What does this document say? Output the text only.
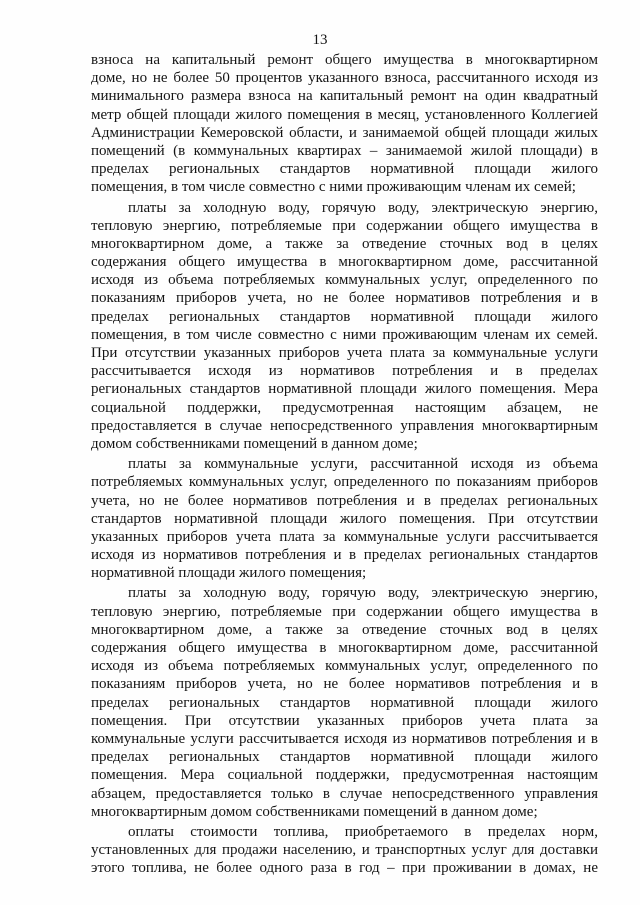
13
взноса на капитальный ремонт общего имущества в многоквартирном
доме, но не более 50 процентов указанного взноса, рассчитанного исходя из
минимального размера взноса на капитальный ремонт на один квадратный
метр общей площади жилого помещения в месяц, установленного Коллегией
Администрации Кемеровской области, и занимаемой общей площади жилых
помещений (в коммунальных квартирах – занимаемой жилой площади) в
пределах региональных стандартов нормативной площади жилого
помещения, в том числе совместно с ними проживающим членам их семей;
платы за холодную воду, горячую воду, электрическую энергию,
тепловую энергию, потребляемые при содержании общего имущества в
многоквартирном доме, а также за отведение сточных вод в целях
содержания общего имущества в многоквартирном доме, рассчитанной
исходя из объема потребляемых коммунальных услуг, определенного по
показаниям приборов учета, но не более нормативов потребления и в
пределах региональных стандартов нормативной площади жилого
помещения, в том числе совместно с ними проживающим членам их семей.
При отсутствии указанных приборов учета плата за коммунальные услуги
рассчитывается исходя из нормативов потребления и в пределах
региональных стандартов нормативной площади жилого помещения. Мера
социальной поддержки, предусмотренная настоящим абзацем, не
предоставляется в случае непосредственного управления многоквартирным
домом собственниками помещений в данном доме;
платы за коммунальные услуги, рассчитанной исходя из объема
потребляемых коммунальных услуг, определенного по показаниям приборов
учета, но не более нормативов потребления и в пределах региональных
стандартов нормативной площади жилого помещения. При отсутствии
указанных приборов учета плата за коммунальные услуги рассчитывается
исходя из нормативов потребления и в пределах региональных стандартов
нормативной площади жилого помещения;
платы за холодную воду, горячую воду, электрическую энергию,
тепловую энергию, потребляемые при содержании общего имущества в
многоквартирном доме, а также за отведение сточных вод в целях
содержания общего имущества в многоквартирном доме, рассчитанной
исходя из объема потребляемых коммунальных услуг, определенного по
показаниям приборов учета, но не более нормативов потребления и в
пределах региональных стандартов нормативной площади жилого
помещения. При отсутствии указанных приборов учета плата за
коммунальные услуги рассчитывается исходя из нормативов потребления и в
пределах региональных стандартов нормативной площади жилого
помещения. Мера социальной поддержки, предусмотренная настоящим
абзацем, предоставляется только в случае непосредственного управления
многоквартирным домом собственниками помещений в данном доме;
оплаты стоимости топлива, приобретаемого в пределах норм,
установленных для продажи населению, и транспортных услуг для доставки
этого топлива, не более одного раза в год – при проживании в домах, не
